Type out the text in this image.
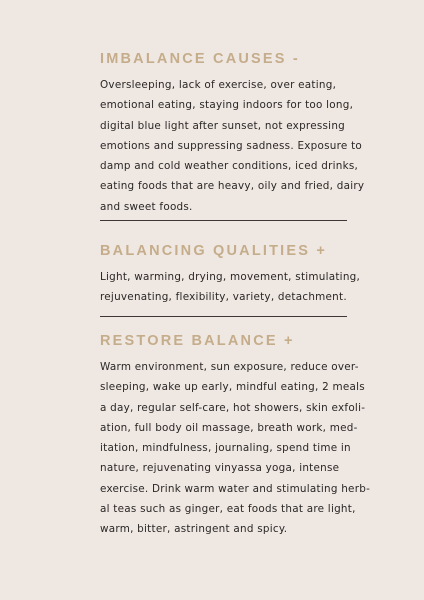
IMBALANCE CAUSES -

Oversleeping, lack of exercise, over eating,
emotional eating, staying indoors for too long,
digital blue light after sunset, not expressing
emotions and suppressing sadness. Exposure to
damp and cold weather conditions, iced drinks,
eating foods that are heavy, oily and fried, dairy
and sweet foods.

BALANCING QUALITIES +

Light, warming, drying, movement, stimulating,
rejuvenating, flexibility, variety, detachment.

RESTORE BALANCE +

Warm environment, sun exposure, reduce over-
sleeping, wake up early, mindful eating, 2 meals
a day, regular self-care, hot showers, skin exfoli-
ation, full body oil massage, breath work, med-
itation, mindfulness, journaling, spend time in
nature, rejuvenating vinyassa yoga, intense
exercise. Drink warm water and stimulating herb-
al teas such as ginger, eat foods that are light,
warm, bitter, astringent and spicy.
